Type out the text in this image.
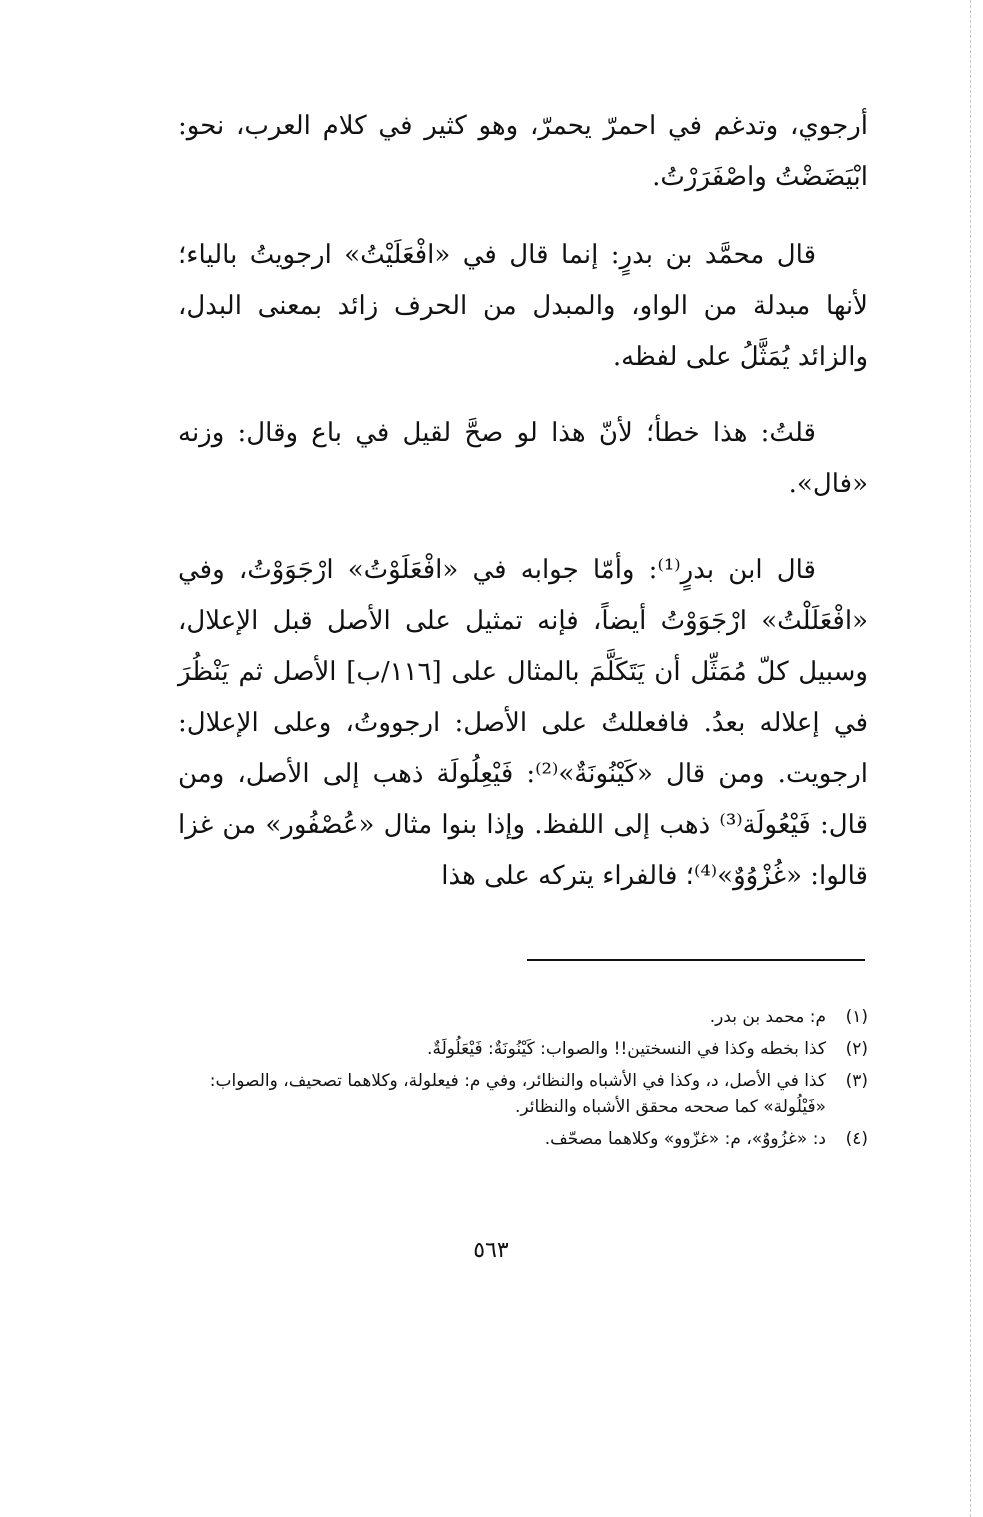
أرجوي، وتدغم في احمرّ يحمرّ، وهو كثير في كلام العرب، نحو: ابْيَضَضْتُ واصْفَرَرْتُ.

قال محمَّد بن بدرٍ: إنما قال في «افْعَلَيْتُ» ارجويتُ بالياء؛ لأنها مبدلة من الواو، والمبدل من الحرف زائد بمعنى البدل، والزائد يُمَثَّلُ على لفظه.

قلتُ: هذا خطأ؛ لأنّ هذا لو صحَّ لقيل في باع وقال: وزنه «فال».

قال ابن بدرٍ⁽¹⁾: وأمّا جوابه في «افْعَلَوْتُ» ارْجَوَوْتُ، وفي «افْعَلَلْتُ» ارْجَوَوْتُ أيضاً، فإنه تمثيل على الأصل قبل الإعلال، وسبيل كلّ مُمَثِّل أن يَتَكَلَّمَ بالمثال على [١١٦/ب] الأصل ثم يَنْظُرَ في إعلاله بعدُ. فافعللتُ على الأصل: ارجووتُ، وعلى الإعلال: ارجويت. ومن قال «كَيْنُونَةٌ»⁽²⁾: فَيْعِلُولَة ذهب إلى الأصل، ومن قال: فَيْعُولَة⁽³⁾ ذهب إلى اللفظ. وإذا بنوا مثال «عُصْفُور» من غزا قالوا: «غُزْوُوٌ»⁽⁴⁾؛ فالفراء يتركه على هذا

(١)
م: محمد بن بدر.
(٢)
كذا بخطه وكذا في النسختين!! والصواب: كَيْنُونَةٌ: فَيْعَلُولَةٌ.
(٣)
كذا في الأصل، د، وكذا في الأشباه والنظائر، وفي م: فيعلولة، وكلاهما تصحيف، والصواب: «فَيْلُولة» كما صححه محقق الأشباه والنظائر.
(٤)
د: «غزُووٌ»، م: «غزّوو» وكلاهما مصحّف.
٥٦٣
